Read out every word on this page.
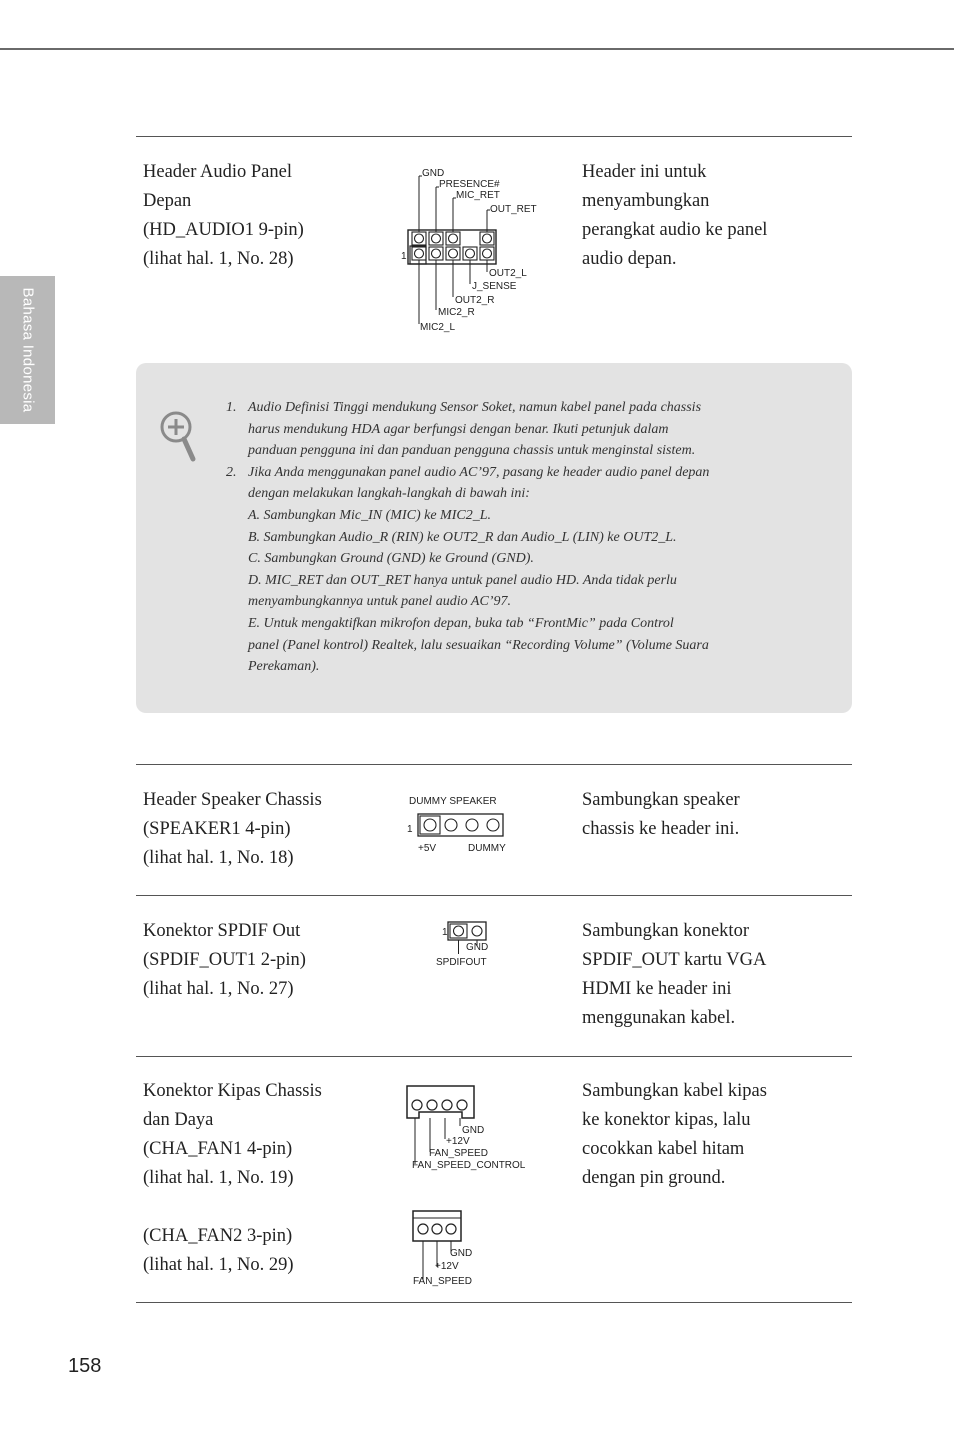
Bahasa Indonesia
Header Audio Panel
Depan
(HD_AUDIO1 9-pin)
(lihat hal. 1, No. 28)	1
GND
PRESENCE#
MIC_RET
OUT_RET
OUT2_L
J_SENSE
OUT2_R
MIC2_R
MIC2_L
Header ini untuk
menyambungkan
perangkat audio ke panel
audio depan.
1. Audio Definisi Tinggi mendukung Sensor Soket, namun kabel panel pada chassis
harus mendukung HDA agar berfungsi dengan benar. Ikuti petunjuk dalam
panduan pengguna ini dan panduan pengguna chassis untuk menginstal sistem.
2. Jika Anda menggunakan panel audio AC’97, pasang ke header audio panel depan
dengan melakukan langkah-langkah di bawah ini:
A. Sambungkan Mic_IN (MIC) ke MIC2_L.
B. Sambungkan Audio_R (RIN) ke OUT2_R dan Audio_L (LIN) ke OUT2_L.
C. Sambungkan Ground (GND) ke Ground (GND).
D. MIC_RET dan OUT_RET hanya untuk panel audio HD. Anda tidak perlu
menyambungkannya untuk panel audio AC’97.
E. Untuk mengaktifkan mikrofon depan, buka tab “FrontMic” pada Control
panel (Panel kontrol) Realtek, lalu sesuaikan “Recording Volume” (Volume Suara
Perekaman).
Header Speaker Chassis
(SPEAKER1 4-pin)
(lihat hal. 1, No. 18)
DUMMY SPEAKER
1
+5V	DUMMY
Sambungkan speaker
chassis ke header ini.
Konektor SPDIF Out
(SPDIF_OUT1 2-pin)
(lihat hal. 1, No. 27)
1
GND
SPDIFOUT
Sambungkan konektor
SPDIF_OUT kartu VGA
HDMI ke header ini
menggunakan kabel.
Konektor Kipas Chassis
dan Daya
(CHA_FAN1 4-pin)
(lihat hal. 1, No. 19)
(CHA_FAN2 3-pin)
(lihat hal. 1, No. 29)
GND
+12V
FAN_SPEED
FAN_SPEED_CONTROL
GND
+12V
FAN_SPEED
Sambungkan kabel kipas
ke konektor kipas, lalu
cocokkan kabel hitam
dengan pin ground.
158
